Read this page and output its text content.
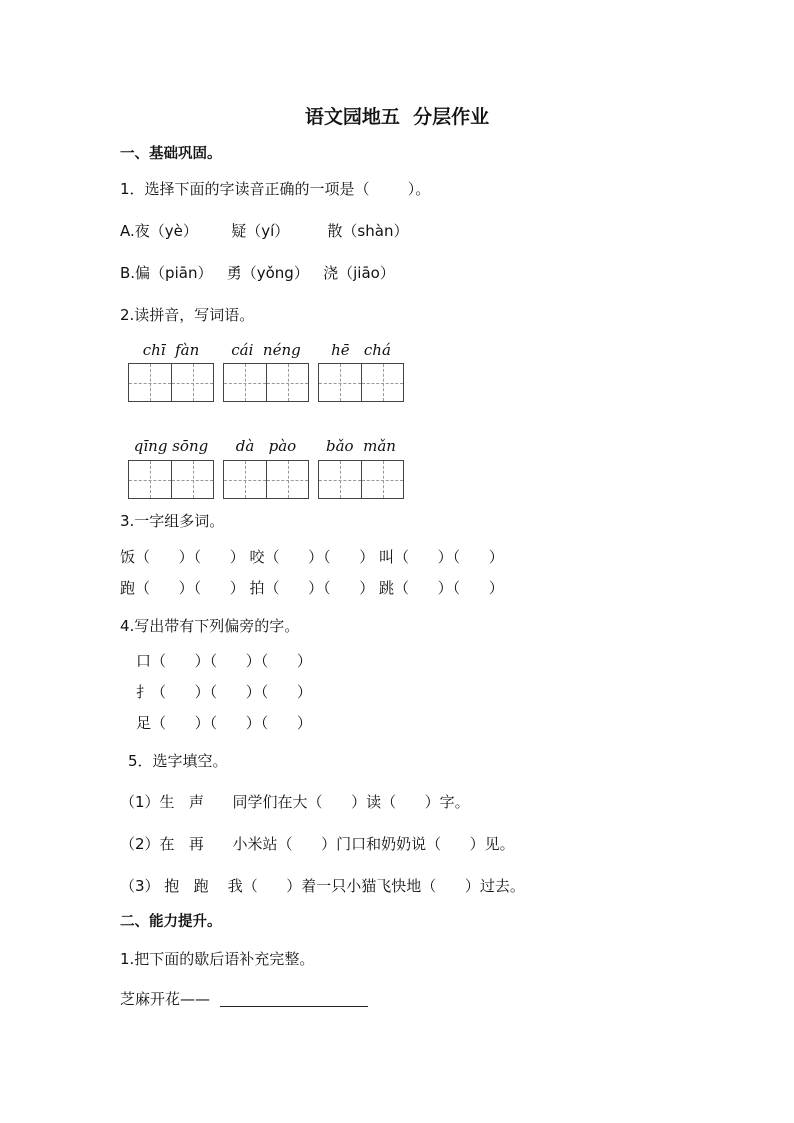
语文园地五  分层作业
一、基础巩固。
1．选择下面的字读音正确的一项是（        ）。
A.夜（yè）       疑（yí）        散（shàn）
B.偏（piān）   勇（yǒng）   浇（jiāo）
2.读拼音，写词语。
chī  fàn	cái  néng	hē   chá
qīng sōng	dà   pào	bǎo  mǎn
3.一字组多词。
饭（      ）（      ） 咬（      ）（      ） 叫（      ）（      ）
跑（      ）（      ） 拍（      ）（      ） 跳（      ）（      ）
4.写出带有下列偏旁的字。
口（      ）（      ）（      ）
扌（      ）（      ）（      ）
足（      ）（      ）（      ）
5．选字填空。
（1）生   声      同学们在大（      ）读（      ）字。
（2）在   再      小米站（      ）门口和奶奶说（      ）见。
（3） 抱   跑    我（      ）着一只小猫飞快地（      ）过去。
二、能力提升。
1.把下面的歇后语补充完整。
芝麻开花——
